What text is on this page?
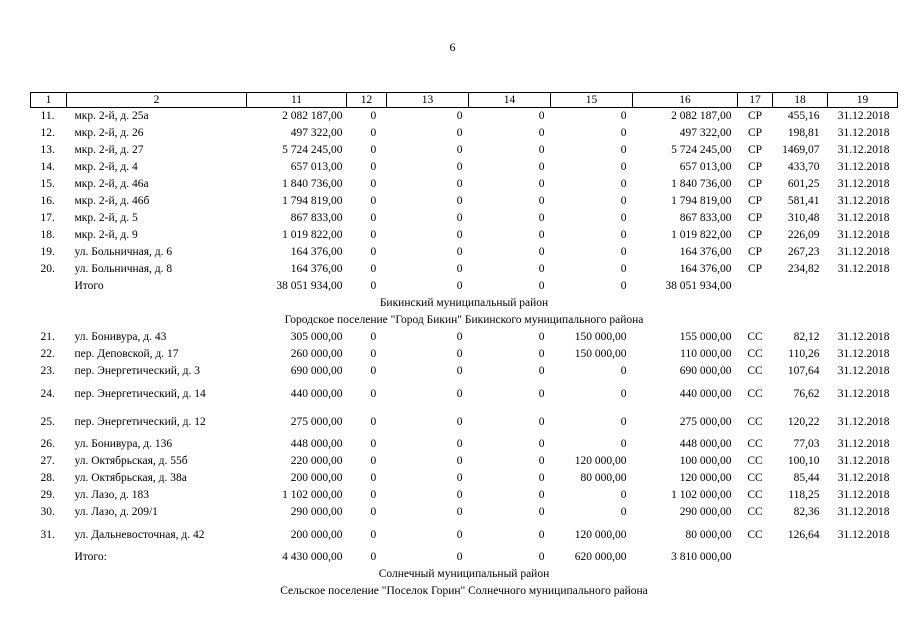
6
1	2	11	12	13	14	15	16	17	18	19
11.	мкр. 2-й, д. 25а	2 082 187,00	0	0	0	0	2 082 187,00	СР	455,16	31.12.2018
12.	мкр. 2-й, д. 26	497 322,00	0	0	0	0	497 322,00	СР	198,81	31.12.2018
13.	мкр. 2-й, д. 27	5 724 245,00	0	0	0	0	5 724 245,00	СР	1469,07	31.12.2018
14.	мкр. 2-й, д. 4	657 013,00	0	0	0	0	657 013,00	СР	433,70	31.12.2018
15.	мкр. 2-й, д. 46а	1 840 736,00	0	0	0	0	1 840 736,00	СР	601,25	31.12.2018
16.	мкр. 2-й, д. 46б	1 794 819,00	0	0	0	0	1 794 819,00	СР	581,41	31.12.2018
17.	мкр. 2-й, д. 5	867 833,00	0	0	0	0	867 833,00	СР	310,48	31.12.2018
18.	мкр. 2-й, д. 9	1 019 822,00	0	0	0	0	1 019 822,00	СР	226,09	31.12.2018
19.	ул. Больничная, д. 6	164 376,00	0	0	0	0	164 376,00	СР	267,23	31.12.2018
20.	ул. Больничная, д. 8	164 376,00	0	0	0	0	164 376,00	СР	234,82	31.12.2018
	Итого	38 051 934,00	0	0	0	0	38 051 934,00			
Бикинский муниципальный район										
Городское поселение "Город Бикин" Бикинского муниципального района										
21.	ул. Бонивура, д. 43	305 000,00	0	0	0	150 000,00	155 000,00	СС	82,12	31.12.2018
22.	пер. Деповской, д. 17	260 000,00	0	0	0	150 000,00	110 000,00	СС	110,26	31.12.2018
23.	пер. Энергетический, д. 3	690 000,00	0	0	0	0	690 000,00	СС	107,64	31.12.2018
24.	пер. Энергетический, д. 14	440 000,00	0	0	0	0	440 000,00	СС	76,62	31.12.2018
25.	пер. Энергетический, д. 12	275 000,00	0	0	0	0	275 000,00	СС	120,22	31.12.2018
26.	ул. Бонивура, д. 136	448 000,00	0	0	0	0	448 000,00	СС	77,03	31.12.2018
27.	ул. Октябрьская, д. 55б	220 000,00	0	0	0	120 000,00	100 000,00	СС	100,10	31.12.2018
28.	ул. Октябрьская, д. 38а	200 000,00	0	0	0	80 000,00	120 000,00	СС	85,44	31.12.2018
29.	ул. Лазо, д. 183	1 102 000,00	0	0	0	0	1 102 000,00	СС	118,25	31.12.2018
30.	ул. Лазо, д. 209/1	290 000,00	0	0	0	0	290 000,00	СС	82,36	31.12.2018
31.	ул. Дальневосточная, д. 42	200 000,00	0	0	0	120 000,00	80 000,00	СС	126,64	31.12.2018
	Итого:	4 430 000,00	0	0	0	620 000,00	3 810 000,00			
Солнечный муниципальный район										
Сельское поселение "Поселок Горин" Солнечного муниципального района										
